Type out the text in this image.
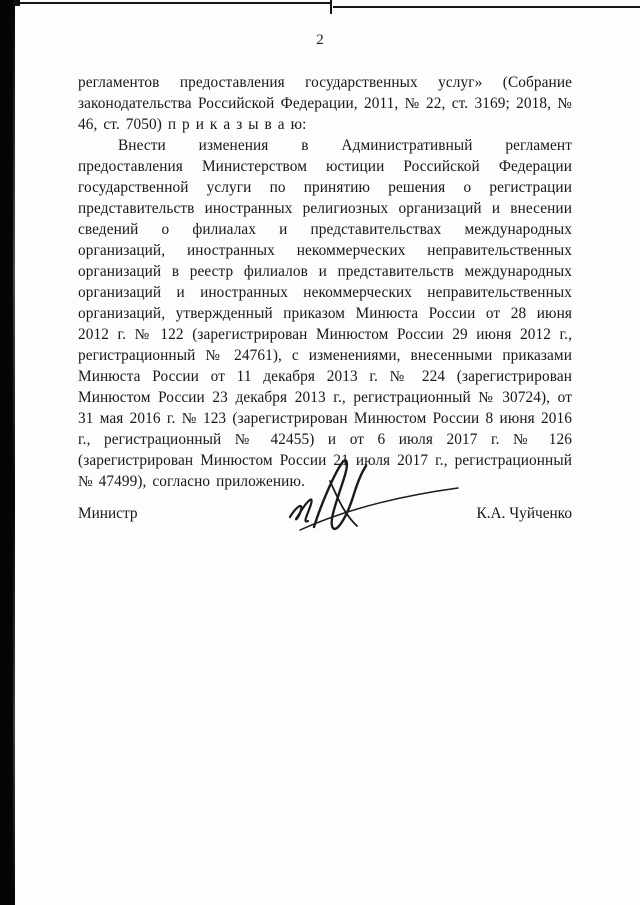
2

регламентов предоставления государственных услуг» (Собрание законодательства Российской Федерации, 2011, № 22, ст. 3169; 2018, № 46, ст. 7050) п р и к а з ы в а ю:

Внести изменения в Административный регламент предоставления Министерством юстиции Российской Федерации государственной услуги по принятию решения о регистрации представительств иностранных религиозных организаций и внесении сведений о филиалах и представительствах международных организаций, иностранных некоммерческих неправительственных организаций в реестр филиалов и представительств международных организаций и иностранных некоммерческих неправительственных организаций, утвержденный приказом Минюста России от 28 июня 2012 г. № 122 (зарегистрирован Минюстом России 29 июня 2012 г., регистрационный № 24761), с изменениями, внесенными приказами Минюста России от 11 декабря 2013 г. № 224 (зарегистрирован Минюстом России 23 декабря 2013 г., регистрационный № 30724), от 31 мая 2016 г. № 123 (зарегистрирован Минюстом России 8 июня 2016 г., регистрационный № 42455) и от 6 июля 2017 г. № 126 (зарегистрирован Минюстом России 21 июля 2017 г., регистрационный № 47499), согласно приложению.

Министр	К.А. Чуйченко
